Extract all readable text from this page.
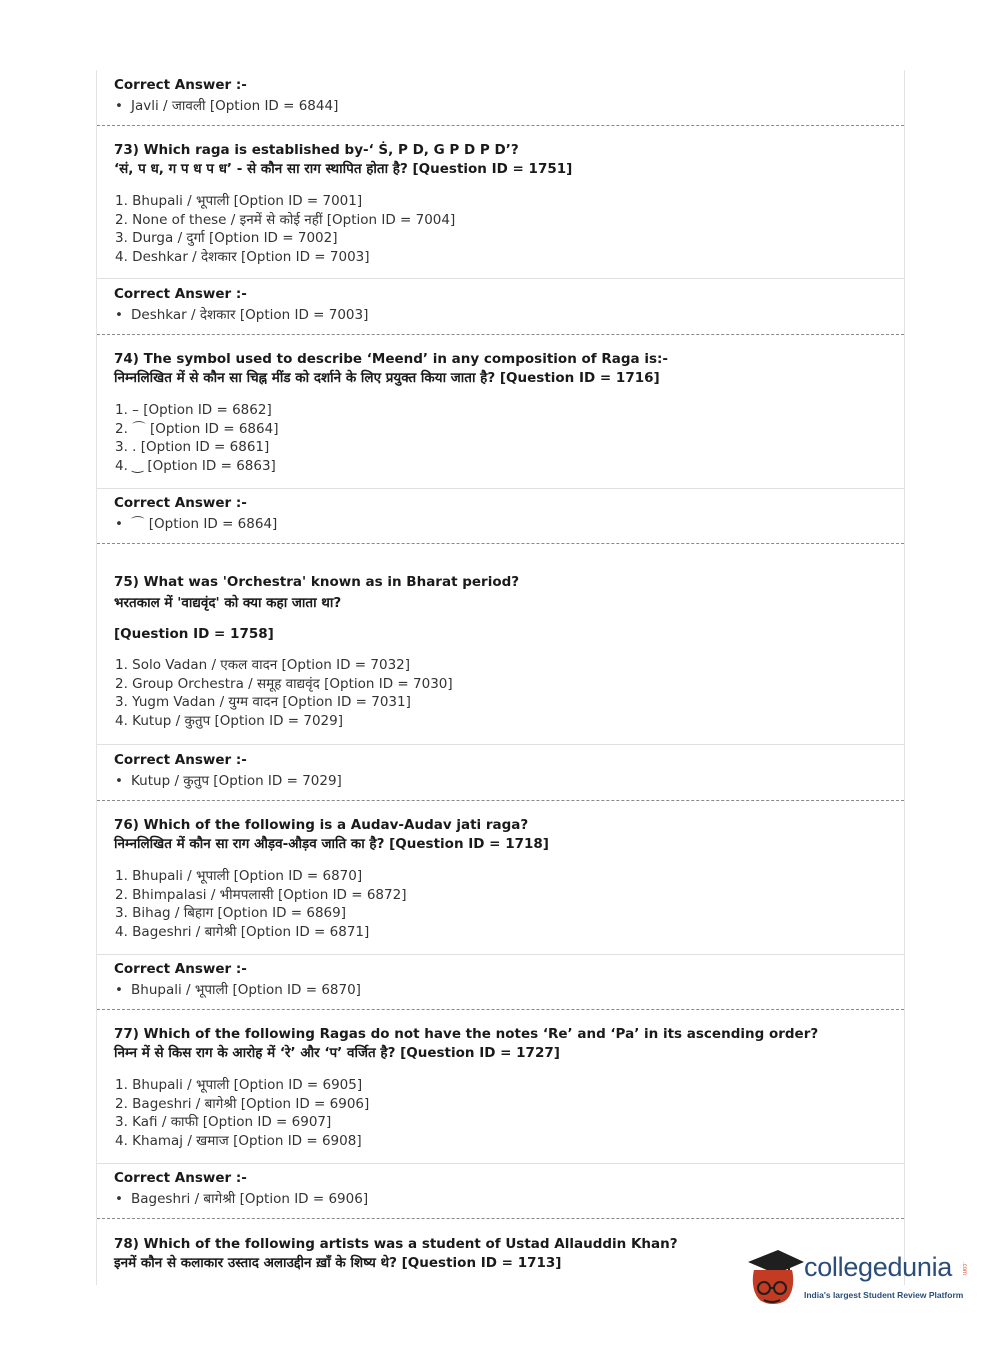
Correct Answer :-
• Javli / जावली [Option ID = 6844]
73) Which raga is established by-‘ Ṡ, P D, G P D P D’?
‘सं, प ध, ग प ध प ध’ - से कौन सा राग स्थापित होता है? [Question ID = 1751]
1. Bhupali / भूपाली [Option ID = 7001]
2. None of these / इनमें से कोई नहीं [Option ID = 7004]
3. Durga / दुर्गा [Option ID = 7002]
4. Deshkar / देशकार [Option ID = 7003]
Correct Answer :-
• Deshkar / देशकार [Option ID = 7003]
74) The symbol used to describe ‘Meend’ in any composition of Raga is:-
निम्नलिखित में से कौन सा चिह्न मींड को दर्शाने के लिए प्रयुक्त किया जाता है? [Question ID = 1716]
1. – [Option ID = 6862]
2. ⌒ [Option ID = 6864]
3. . [Option ID = 6861]
4. ‿ [Option ID = 6863]
Correct Answer :-
• ⌒ [Option ID = 6864]
75) What was 'Orchestra' known as in Bharat period?
भरतकाल में 'वाद्यवृंद' को क्या कहा जाता था?
[Question ID = 1758]
1. Solo Vadan / एकल वादन [Option ID = 7032]
2. Group Orchestra / समूह वाद्यवृंद [Option ID = 7030]
3. Yugm Vadan / युग्म वादन [Option ID = 7031]
4. Kutup / कुतुप [Option ID = 7029]
Correct Answer :-
• Kutup / कुतुप [Option ID = 7029]
76) Which of the following is a Audav-Audav jati raga?
निम्नलिखित में कौन सा राग औड़व-औड़व जाति का है? [Question ID = 1718]
1. Bhupali / भूपाली [Option ID = 6870]
2. Bhimpalasi / भीमपलासी [Option ID = 6872]
3. Bihag / बिहाग [Option ID = 6869]
4. Bageshri / बागेश्री [Option ID = 6871]
Correct Answer :-
• Bhupali / भूपाली [Option ID = 6870]
77) Which of the following Ragas do not have the notes ‘Re’ and ‘Pa’ in its ascending order?
निम्न में से किस राग के आरोह में ‘रे’ और ‘प’ वर्जित है? [Question ID = 1727]
1. Bhupali / भूपाली [Option ID = 6905]
2. Bageshri / बागेश्री [Option ID = 6906]
3. Kafi / काफी [Option ID = 6907]
4. Khamaj / खमाज [Option ID = 6908]
Correct Answer :-
• Bageshri / बागेश्री [Option ID = 6906]
78) Which of the following artists was a student of Ustad Allauddin Khan?
इनमें कौन से कलाकार उस्ताद अलाउद्दीन ख़ाँ के शिष्य थे? [Question ID = 1713]	collegedunia .com
India's largest Student Review Platform
